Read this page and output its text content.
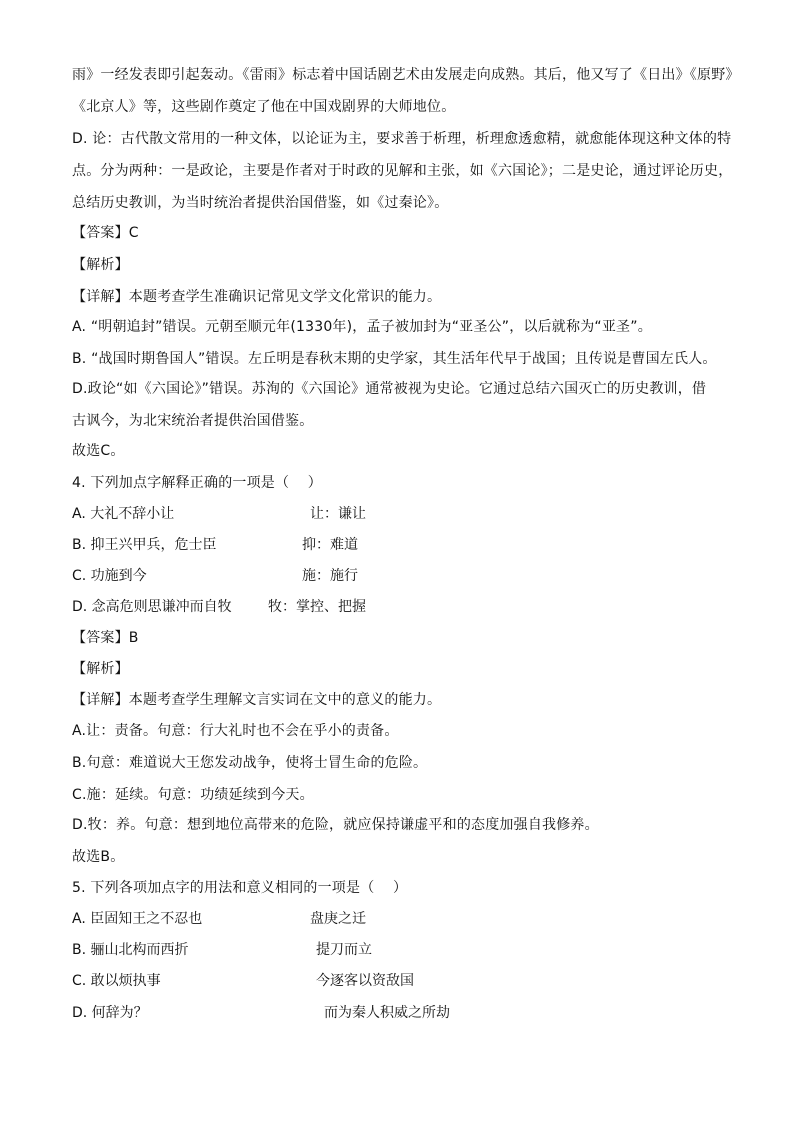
雨》一经发表即引起轰动。《雷雨》标志着中国话剧艺术由发展走向成熟。其后，他又写了《日出》《原野》
《北京人》等，这些剧作奠定了他在中国戏剧界的大师地位。
D. 论：古代散文常用的一种文体，以论证为主，要求善于析理，析理愈透愈精，就愈能体现这种文体的特
点。分为两种：一是政论，主要是作者对于时政的见解和主张，如《六国论》；二是史论，通过评论历史，
总结历史教训，为当时统治者提供治国借鉴，如《过秦论》。
【答案】C
【解析】
【详解】本题考查学生准确识记常见文学文化常识的能力。
A. “明朝追封”错误。元朝至顺元年(1330年)，孟子被加封为“亚圣公”，以后就称为“亚圣”。
B. “战国时期鲁国人”错误。左丘明是春秋末期的史学家，其生活年代早于战国；且传说是曹国左氏人。
D.政论“如《六国论》”错误。苏洵的《六国论》通常被视为史论。它通过总结六国灭亡的历史教训，借
古讽今，为北宋统治者提供治国借鉴。
故选C。
4. 下列加点字解释正确的一项是（    ）
A. 大礼不辞小让	让：谦让
B. 抑王兴甲兵，危士臣	抑：难道
C. 功施到今	施：施行
D. 念高危则思谦冲而自牧	牧：掌控、把握
【答案】B
【解析】
【详解】本题考查学生理解文言实词在文中的意义的能力。
A.让：责备。句意：行大礼时也不会在乎小的责备。
B.句意：难道说大王您发动战争，使将士冒生命的危险。
C.施：延续。句意：功绩延续到今天。
D.牧：养。句意：想到地位高带来的危险，就应保持谦虚平和的态度加强自我修养。
故选B。
5. 下列各项加点字的用法和意义相同的一项是（    ）
A. 臣固知王之不忍也	盘庚之迁
B. 骊山北构而西折	提刀而立
C. 敢以烦执事	今逐客以资敌国
D. 何辞为？	而为秦人积威之所劫
